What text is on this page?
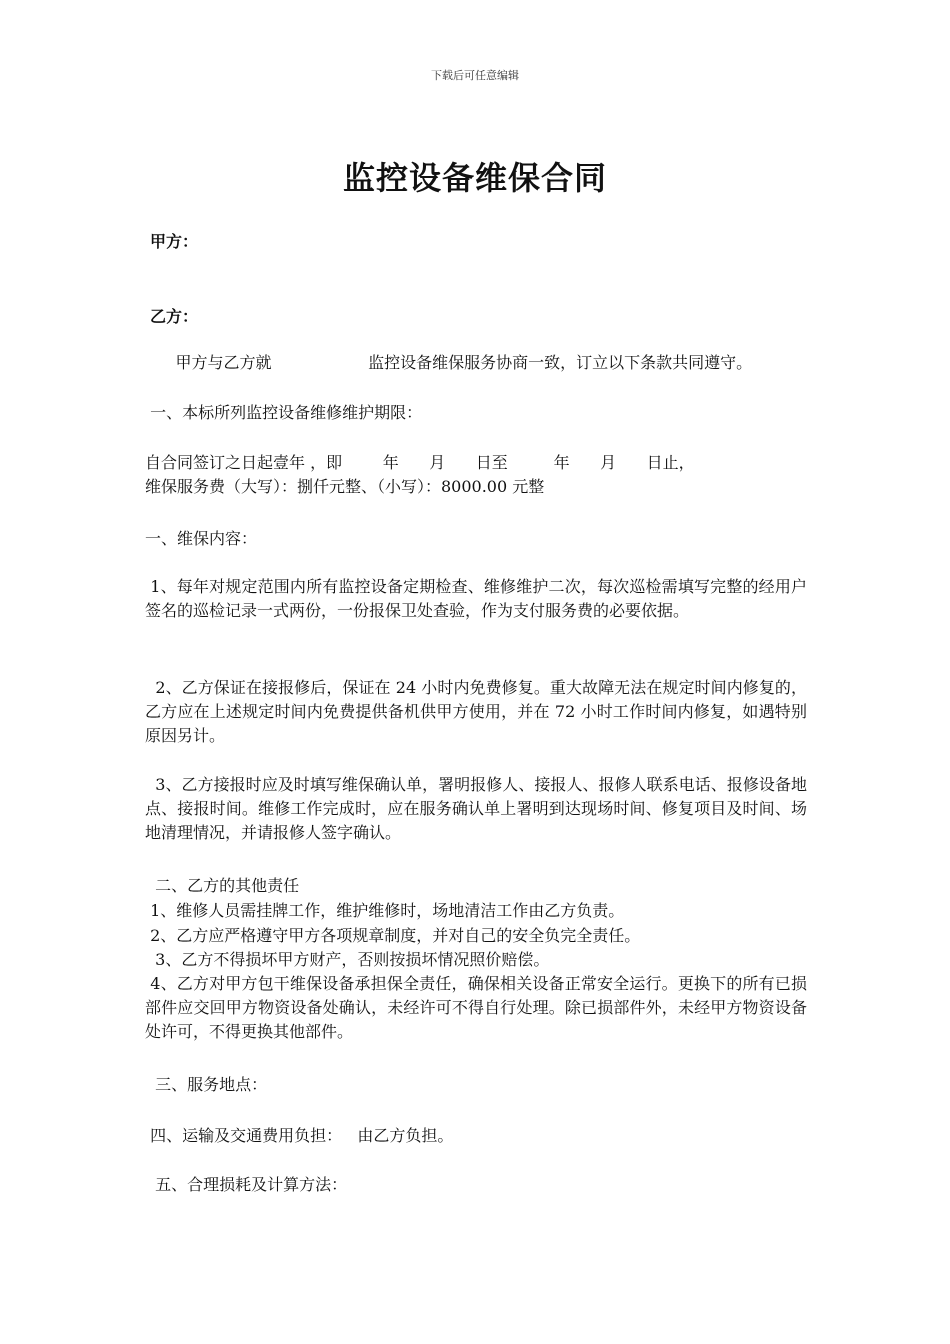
下载后可任意编辑
监控设备维保合同
甲方：
乙方：
甲方与乙方就                   监控设备维保服务协商一致，订立以下条款共同遵守。
一、本标所列监控设备维修维护期限：
自合同签订之日起壹年 ，即        年      月      日至         年      月      日止，
维保服务费（大写）：捌仟元整、（小写）：8000.00 元整
一、维保内容：
1、每年对规定范围内所有监控设备定期检查、维修维护二次，每次巡检需填写完整的经用户签名的巡检记录一式两份，一份报保卫处查验，作为支付服务费的必要依据。
2、乙方保证在接报修后，保证在 24 小时内免费修复。重大故障无法在规定时间内修复的，乙方应在上述规定时间内免费提供备机供甲方使用，并在 72 小时工作时间内修复，如遇特别原因另计。
3、乙方接报时应及时填写维保确认单，署明报修人、接报人、报修人联系电话、报修设备地点、接报时间。维修工作完成时，应在服务确认单上署明到达现场时间、修复项目及时间、场地清理情况，并请报修人签字确认。
二、乙方的其他责任
1、维修人员需挂牌工作，维护维修时，场地清洁工作由乙方负责。
2、乙方应严格遵守甲方各项规章制度，并对自己的安全负完全责任。
3、乙方不得损坏甲方财产，否则按损坏情况照价赔偿。
4、乙方对甲方包干维保设备承担保全责任，确保相关设备正常安全运行。更换下的所有已损部件应交回甲方物资设备处确认，未经许可不得自行处理。除已损部件外，未经甲方物资设备处许可，不得更换其他部件。
三、服务地点：
四、运输及交通费用负担：   由乙方负担。
五、合理损耗及计算方法：
